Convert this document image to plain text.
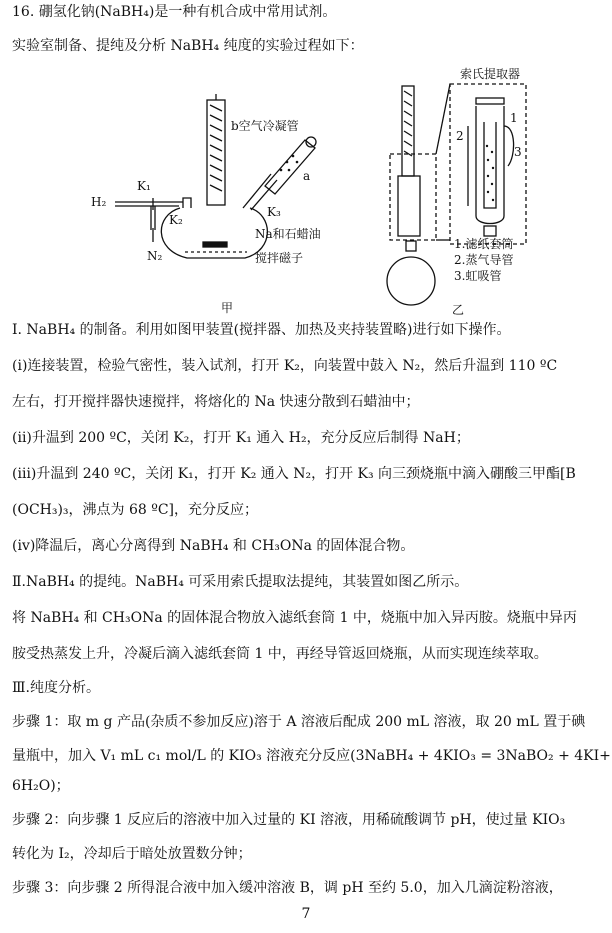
16. 硼氢化钠(NaBH₄)是一种有机合成中常用试剂。
实验室制备、提纯及分析 NaBH₄ 纯度的实验过程如下：
H₂
K₁
K₂
K₃
N₂
b空气冷凝管
a
Na和石蜡油
搅拌磁子
甲
索氏提取器
1
2
3
1.滤纸套筒
2.蒸气导管
3.虹吸管
乙
Ⅰ. NaBH₄ 的制备。利用如图甲装置(搅拌器、加热及夹持装置略)进行如下操作。
(ⅰ)连接装置，检验气密性，装入试剂，打开 K₂，向装置中鼓入 N₂，然后升温到 110 ºC
左右，打开搅拌器快速搅拌，将熔化的 Na 快速分散到石蜡油中；
(ⅱ)升温到 200 ºC，关闭 K₂，打开 K₁ 通入 H₂，充分反应后制得 NaH；
(ⅲ)升温到 240 ºC，关闭 K₁，打开 K₂ 通入 N₂，打开 K₃ 向三颈烧瓶中滴入硼酸三甲酯[B
(OCH₃)₃，沸点为 68 ºC]，充分反应；
(ⅳ)降温后，离心分离得到 NaBH₄ 和 CH₃ONa 的固体混合物。
Ⅱ.NaBH₄ 的提纯。NaBH₄ 可采用索氏提取法提纯，其装置如图乙所示。
将 NaBH₄ 和 CH₃ONa 的固体混合物放入滤纸套筒 1 中，烧瓶中加入异丙胺。烧瓶中异丙
胺受热蒸发上升，冷凝后滴入滤纸套筒 1 中，再经导管返回烧瓶，从而实现连续萃取。
Ⅲ.纯度分析。
步骤 1：取 m g 产品(杂质不参加反应)溶于 A 溶液后配成 200 mL 溶液，取 20 mL 置于碘
量瓶中，加入 V₁ mL c₁ mol/L 的 KIO₃ 溶液充分反应(3NaBH₄ + 4KIO₃ = 3NaBO₂ + 4KI+
6H₂O)；
步骤 2：向步骤 1 反应后的溶液中加入过量的 KI 溶液，用稀硫酸调节 pH，使过量 KIO₃
转化为 I₂，冷却后于暗处放置数分钟；
步骤 3：向步骤 2 所得混合液中加入缓冲溶液 B，调 pH 至约 5.0，加入几滴淀粉溶液，
7
